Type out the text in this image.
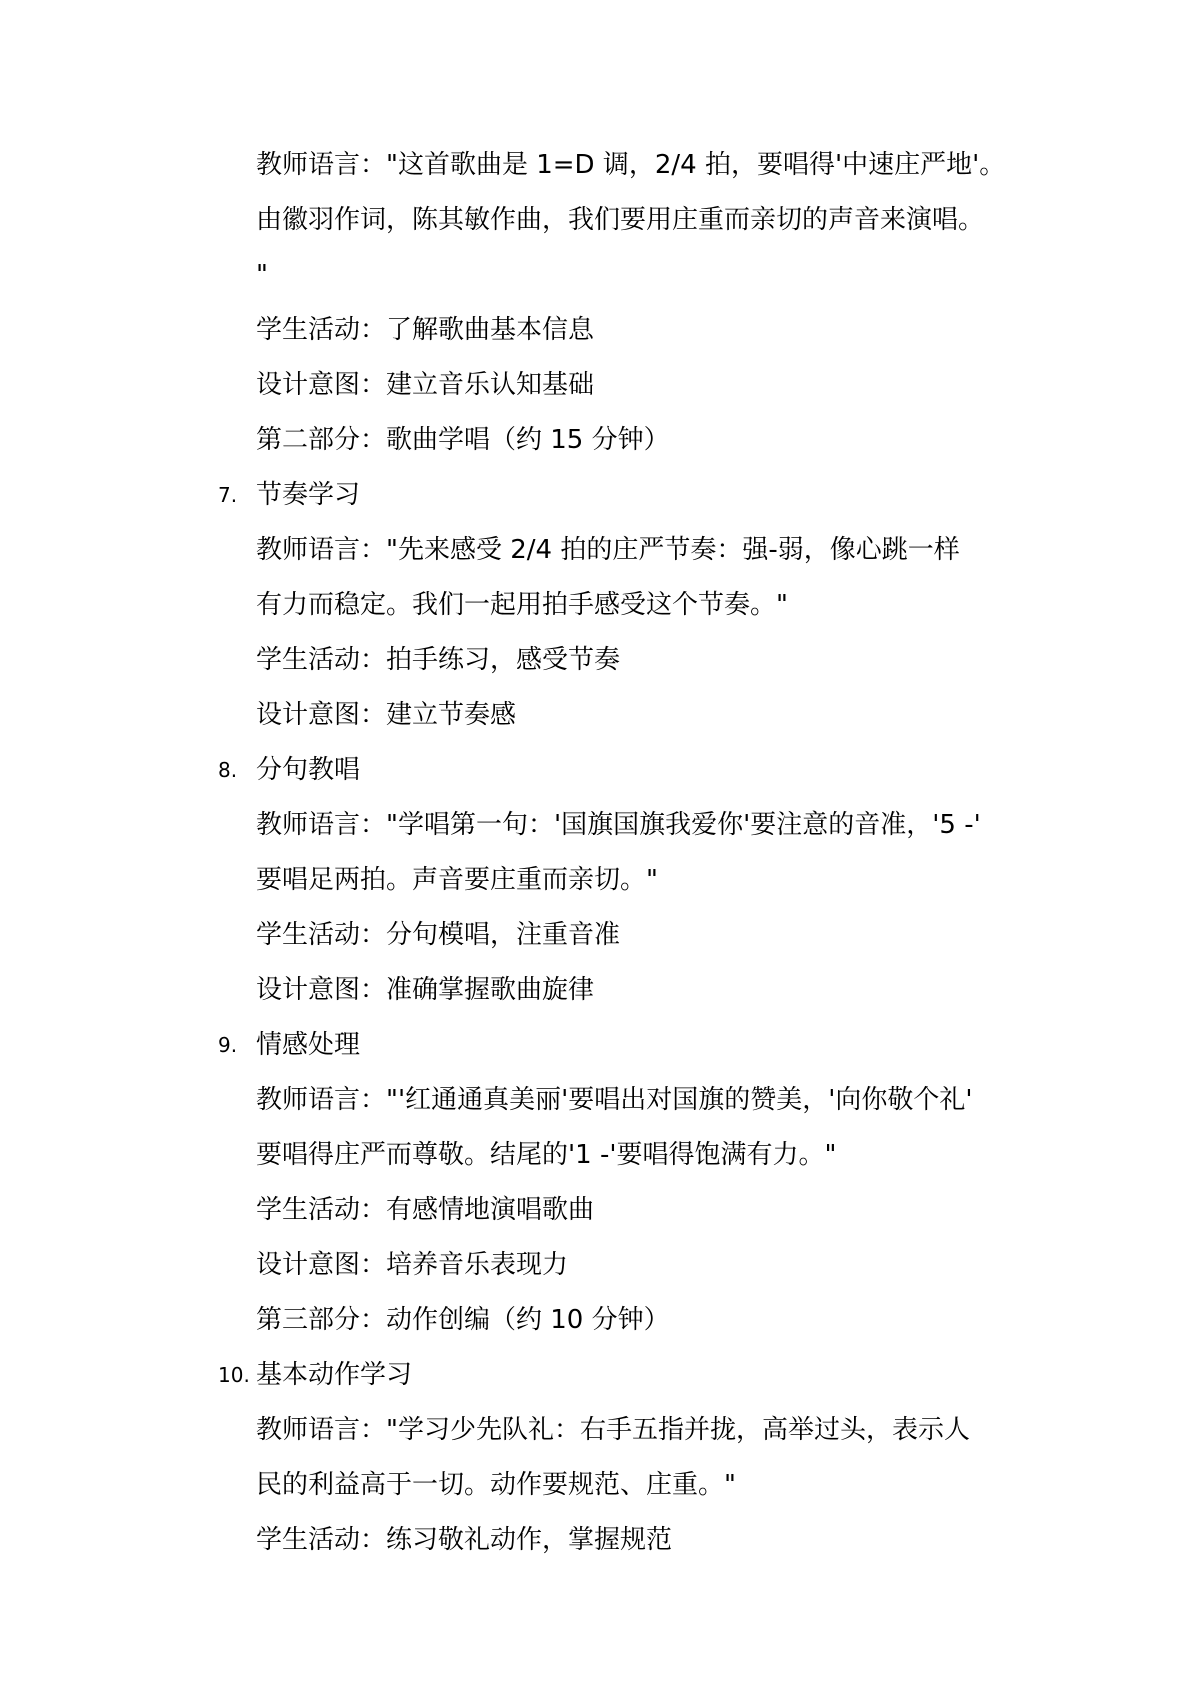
教师语言："这首歌曲是 1=D 调，2/4 拍，要唱得'中速庄严地'。
由徽羽作词，陈其敏作曲，我们要用庄重而亲切的声音来演唱。
"
学生活动：了解歌曲基本信息
设计意图：建立音乐认知基础
第二部分：歌曲学唱（约 15 分钟）
7. 节奏学习
教师语言："先来感受 2/4 拍的庄严节奏：强-弱，像心跳一样
有力而稳定。我们一起用拍手感受这个节奏。"
学生活动：拍手练习，感受节奏
设计意图：建立节奏感
8. 分句教唱
教师语言："学唱第一句：'国旗国旗我爱你'要注意的音准，'5 -'
要唱足两拍。声音要庄重而亲切。"
学生活动：分句模唱，注重音准
设计意图：准确掌握歌曲旋律
9. 情感处理
教师语言："'红通通真美丽'要唱出对国旗的赞美，'向你敬个礼'
要唱得庄严而尊敬。结尾的'1 -'要唱得饱满有力。"
学生活动：有感情地演唱歌曲
设计意图：培养音乐表现力
第三部分：动作创编（约 10 分钟）
10. 基本动作学习
教师语言："学习少先队礼：右手五指并拢，高举过头，表示人
民的利益高于一切。动作要规范、庄重。"
学生活动：练习敬礼动作，掌握规范
